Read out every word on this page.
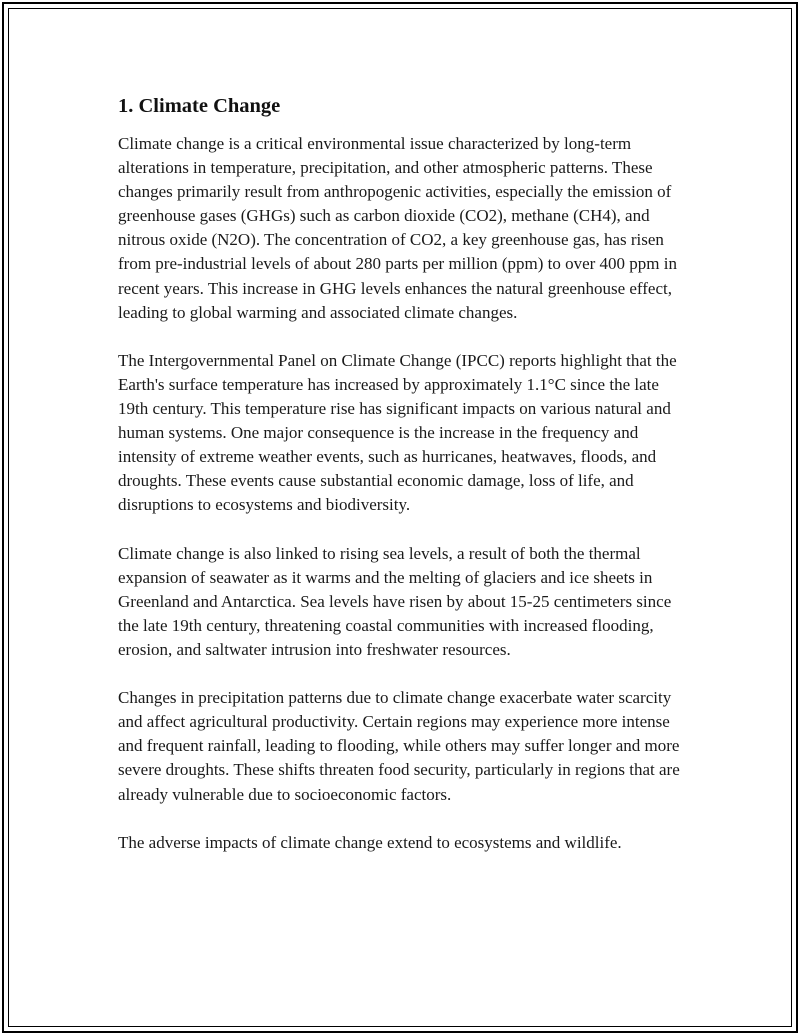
1. Climate Change

Climate change is a critical environmental issue characterized by long-term alterations in temperature, precipitation, and other atmospheric patterns. These changes primarily result from anthropogenic activities, especially the emission of greenhouse gases (GHGs) such as carbon dioxide (CO2), methane (CH4), and nitrous oxide (N2O). The concentration of CO2, a key greenhouse gas, has risen from pre-industrial levels of about 280 parts per million (ppm) to over 400 ppm in recent years. This increase in GHG levels enhances the natural greenhouse effect, leading to global warming and associated climate changes.

The Intergovernmental Panel on Climate Change (IPCC) reports highlight that the Earth's surface temperature has increased by approximately 1.1°C since the late 19th century. This temperature rise has significant impacts on various natural and human systems. One major consequence is the increase in the frequency and intensity of extreme weather events, such as hurricanes, heatwaves, floods, and droughts. These events cause substantial economic damage, loss of life, and disruptions to ecosystems and biodiversity.

Climate change is also linked to rising sea levels, a result of both the thermal expansion of seawater as it warms and the melting of glaciers and ice sheets in Greenland and Antarctica. Sea levels have risen by about 15-25 centimeters since the late 19th century, threatening coastal communities with increased flooding, erosion, and saltwater intrusion into freshwater resources.

Changes in precipitation patterns due to climate change exacerbate water scarcity and affect agricultural productivity. Certain regions may experience more intense and frequent rainfall, leading to flooding, while others may suffer longer and more severe droughts. These shifts threaten food security, particularly in regions that are already vulnerable due to socioeconomic factors.

The adverse impacts of climate change extend to ecosystems and wildlife.
